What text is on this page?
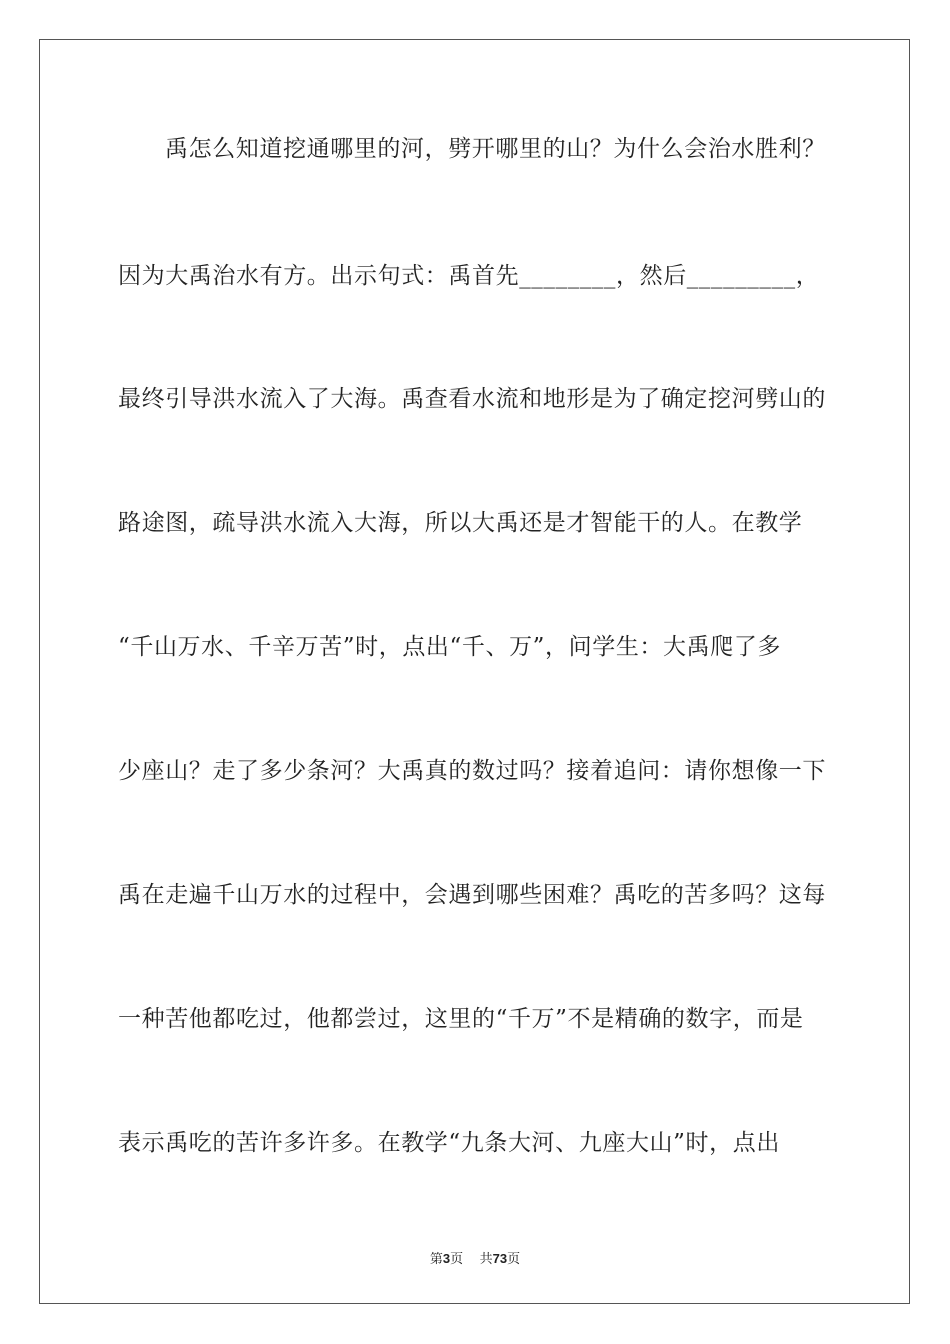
禹怎么知道挖通哪里的河，劈开哪里的山？为什么会治水胜利？
因为大禹治水有方。出示句式：禹首先________，然后_________，
最终引导洪水流入了大海。禹查看水流和地形是为了确定挖河劈山的
路途图，疏导洪水流入大海，所以大禹还是才智能干的人。在教学
“千山万水、千辛万苦”时，点出“千、万”，问学生：大禹爬了多
少座山？走了多少条河？大禹真的数过吗？接着追问：请你想像一下
禹在走遍千山万水的过程中，会遇到哪些困难？禹吃的苦多吗？这每
一种苦他都吃过，他都尝过，这里的“千万”不是精确的数字，而是
表示禹吃的苦许多许多。在教学“九条大河、九座大山”时，点出
第3页 共73页
